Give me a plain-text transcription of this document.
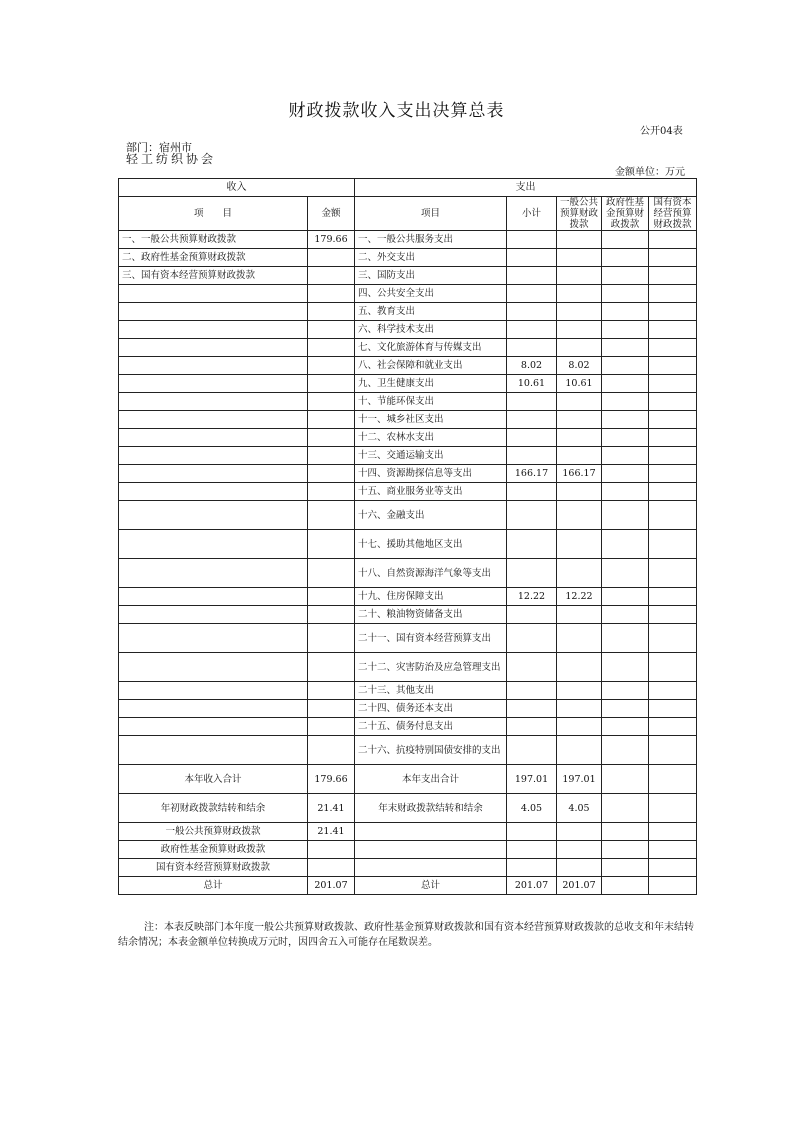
财政拨款收入支出决算总表
公开04表
部门：宿州市
轻工纺织协会
金额单位：万元
收入		支出				
项　　目	金额	项目	小计	一般公共预算财政拨款	政府性基金预算财政拨款	国有资本经营预算财政拨款
一、一般公共预算财政拨款	179.66	一、一般公共服务支出				
二、政府性基金预算财政拨款		二、外交支出				
三、国有资本经营预算财政拨款		三、国防支出				
		四、公共安全支出				
		五、教育支出				
		六、科学技术支出				
		七、文化旅游体育与传媒支出				
		八、社会保障和就业支出	8.02	8.02		
		九、卫生健康支出	10.61	10.61		
		十、节能环保支出				
		十一、城乡社区支出				
		十二、农林水支出				
		十三、交通运输支出				
		十四、资源勘探信息等支出	166.17	166.17		
		十五、商业服务业等支出				
		十六、金融支出				
		十七、援助其他地区支出				
		十八、自然资源海洋气象等支出				
		十九、住房保障支出	12.22	12.22		
		二十、粮油物资储备支出				
		二十一、国有资本经营预算支出				
		二十二、灾害防治及应急管理支出				
		二十三、其他支出				
		二十四、债务还本支出				
		二十五、债务付息支出				
		二十六、抗疫特别国债安排的支出				
本年收入合计	179.66	本年支出合计	197.01	197.01		
年初财政拨款结转和结余	21.41	年末财政拨款结转和结余	4.05	4.05		
一般公共预算财政拨款	21.41					
政府性基金预算财政拨款						
国有资本经营预算财政拨款						
总计	201.07	总计	201.07	201.07		
注：本表反映部门本年度一般公共预算财政拨款、政府性基金预算财政拨款和国有资本经营预算财政拨款的总收支和年末结转结余情况；本表金额单位转换成万元时，因四舍五入可能存在尾数误差。
